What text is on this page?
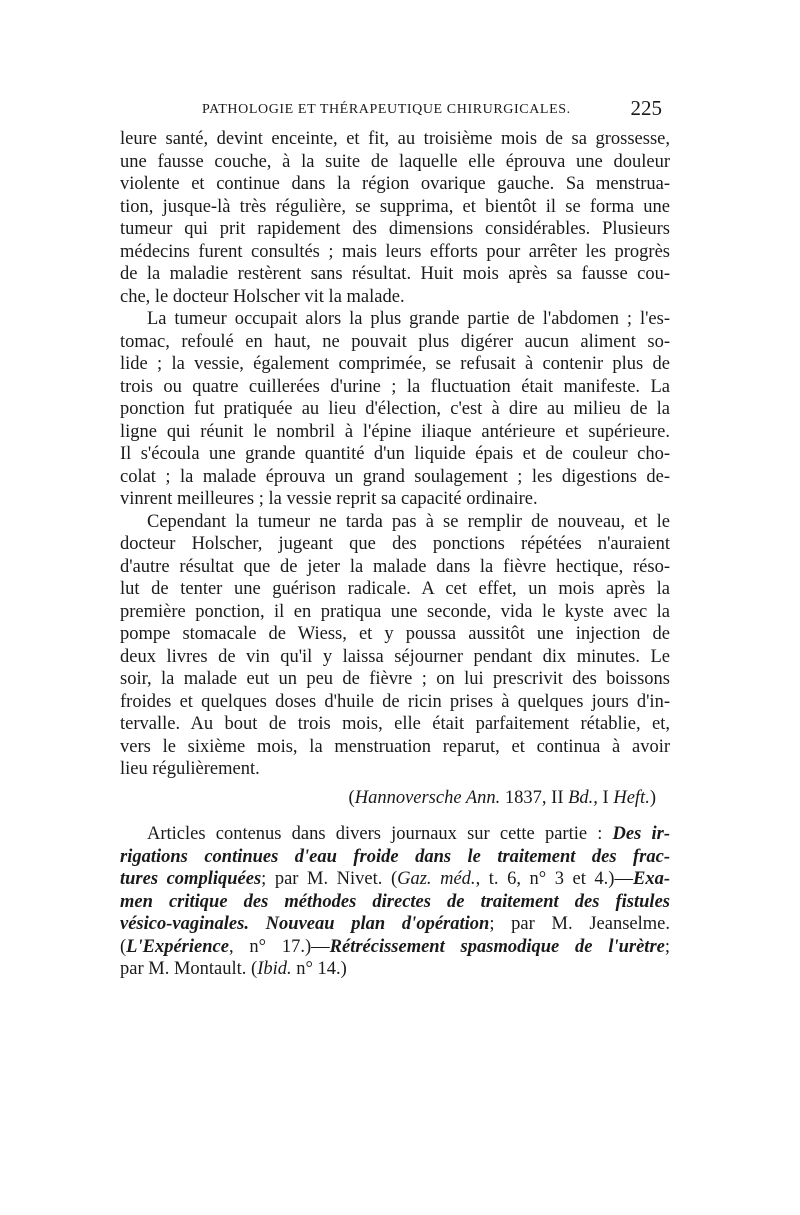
PATHOLOGIE ET THÉRAPEUTIQUE CHIRURGICALES.	225
leure santé, devint enceinte, et fit, au troisième mois de sa grossesse,
une fausse couche, à la suite de laquelle elle éprouva une douleur
violente et continue dans la région ovarique gauche. Sa menstrua-
tion, jusque-là très régulière, se supprima, et bientôt il se forma une
tumeur qui prit rapidement des dimensions considérables. Plusieurs
médecins furent consultés ; mais leurs efforts pour arrêter les progrès
de la maladie restèrent sans résultat. Huit mois après sa fausse cou-
che, le docteur Holscher vit la malade.
La tumeur occupait alors la plus grande partie de l'abdomen ; l'es-
tomac, refoulé en haut, ne pouvait plus digérer aucun aliment so-
lide ; la vessie, également comprimée, se refusait à contenir plus de
trois ou quatre cuillerées d'urine ; la fluctuation était manifeste. La
ponction fut pratiquée au lieu d'élection, c'est à dire au milieu de la
ligne qui réunit le nombril à l'épine iliaque antérieure et supérieure.
Il s'écoula une grande quantité d'un liquide épais et de couleur cho-
colat ; la malade éprouva un grand soulagement ; les digestions de-
vinrent meilleures ; la vessie reprit sa capacité ordinaire.
Cependant la tumeur ne tarda pas à se remplir de nouveau, et le
docteur Holscher, jugeant que des ponctions répétées n'auraient
d'autre résultat que de jeter la malade dans la fièvre hectique, réso-
lut de tenter une guérison radicale. A cet effet, un mois après la
première ponction, il en pratiqua une seconde, vida le kyste avec la
pompe stomacale de Wiess, et y poussa aussitôt une injection de
deux livres de vin qu'il y laissa séjourner pendant dix minutes. Le
soir, la malade eut un peu de fièvre ; on lui prescrivit des boissons
froides et quelques doses d'huile de ricin prises à quelques jours d'in-
tervalle. Au bout de trois mois, elle était parfaitement rétablie, et,
vers le sixième mois, la menstruation reparut, et continua à avoir
lieu régulièrement.
(Hannoversche Ann. 1837, II Bd., I Heft.)
Articles contenus dans divers journaux sur cette partie : Des ir-
rigations continues d'eau froide dans le traitement des frac-
tures compliquées; par M. Nivet. (Gaz. méd., t. 6, n° 3 et 4.)—Exa-
men critique des méthodes directes de traitement des fistules
vésico-vaginales. Nouveau plan d'opération; par M. Jeanselme.
(L'Expérience, n° 17.)—Rétrécissement spasmodique de l'urètre;
par M. Montault. (Ibid. n° 14.)
